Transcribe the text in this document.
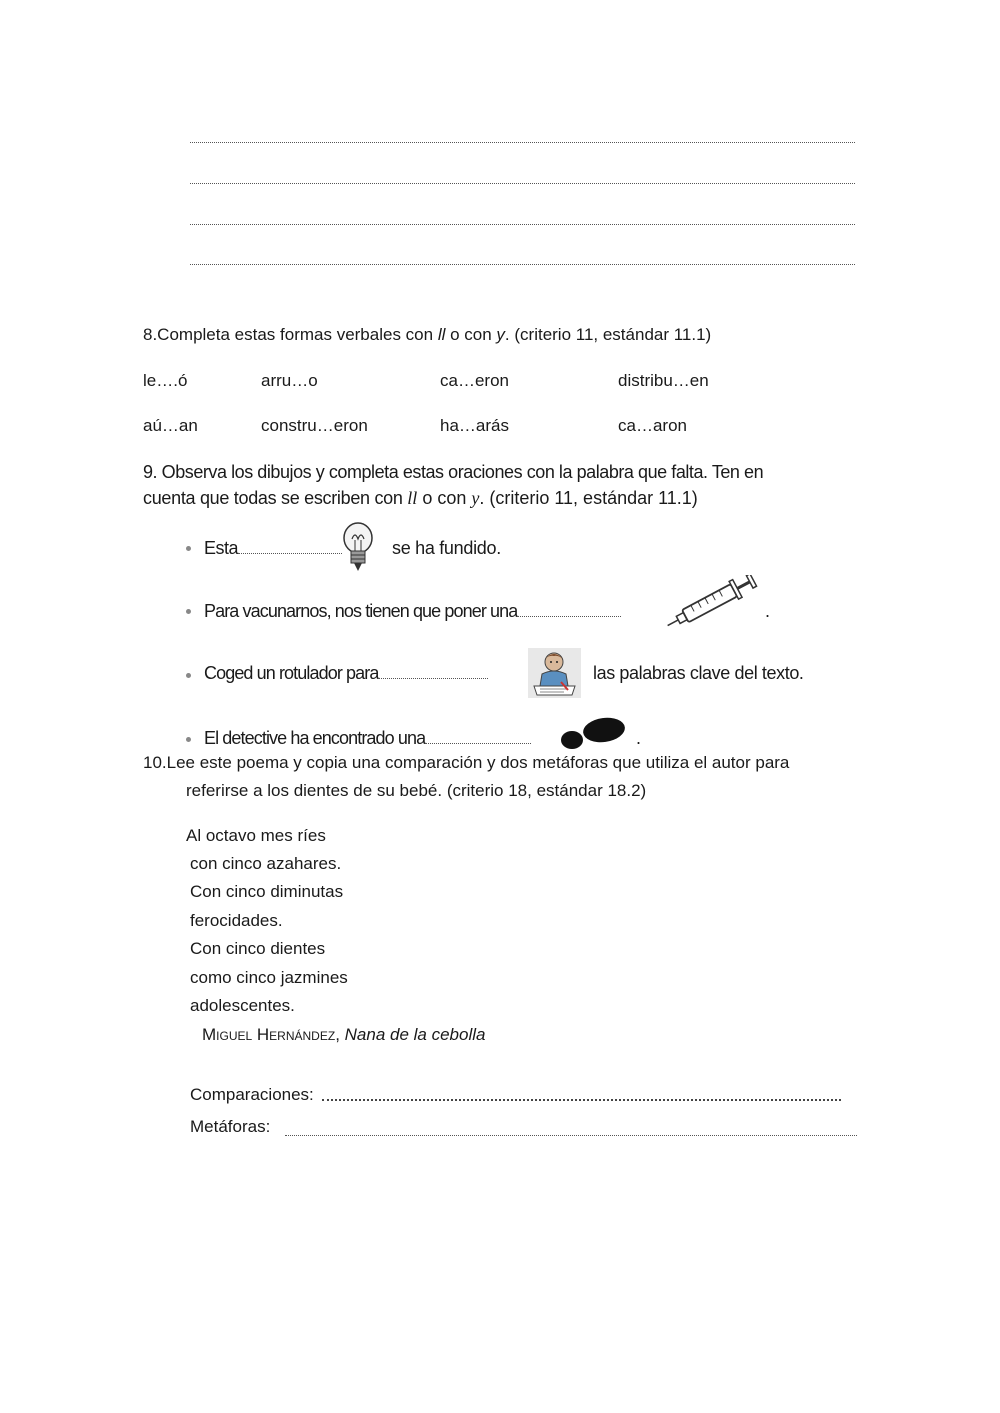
8.Completa estas formas verbales con ll o con y. (criterio 11, estándar 11.1)
le….ó	arru…o	ca…eron	distribu…en
aú…an	constru…eron	ha…arás	ca…aron
9. Observa los dibujos y completa estas oraciones con la palabra que falta. Ten en
cuenta que todas se escriben con ll o con y. (criterio 11, estándar 11.1)
Esta	se ha fundido.
Para vacunarnos, nos tienen que poner una	.
Coged un rotulador para	las palabras clave del texto.
El detective ha encontrado una	.
10.Lee este poema y copia una comparación y dos metáforas que utiliza el autor para
referirse a los dientes de su bebé. (criterio 18, estándar 18.2)
Al octavo mes ríes
con cinco azahares.
Con cinco diminutas
ferocidades.
Con cinco dientes
como cinco jazmines
adolescentes.
Miguel Hernández, Nana de la cebolla
Comparaciones:
Metáforas:
